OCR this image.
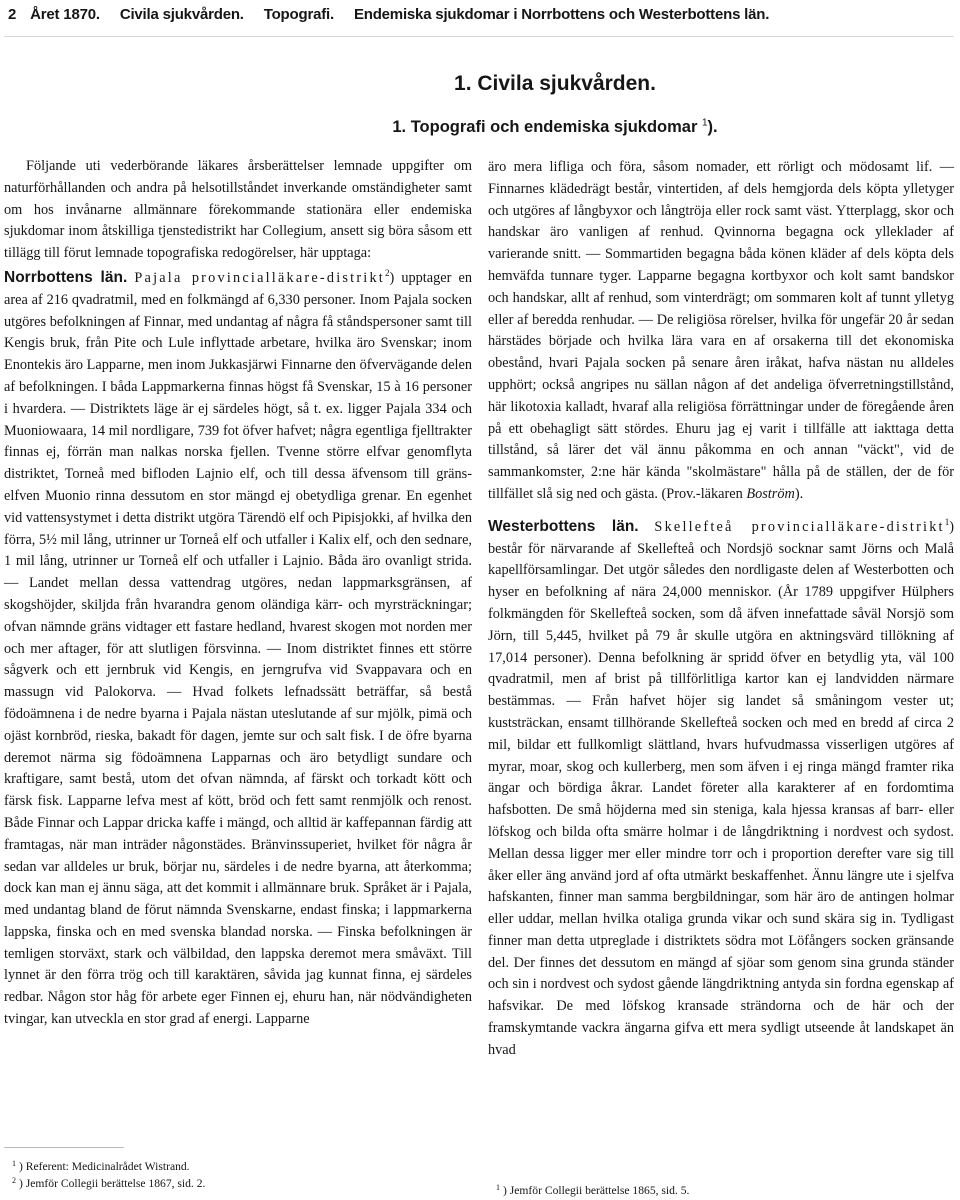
2 Året 1870. Civila sjukvården. Topografi. Endemiska sjukdomar i Norrbottens och Westerbottens län.
1. Civila sjukvården.
1. Topografi och endemiska sjukdomar $^1$).

Följande uti vederbörande läkares årsberättelser lemnade uppgifter om naturförhållanden och andra på helsotillståndet inverkande omständigheter samt om hos invånarne allmännare förekommande stationära eller endemiska sjukdomar inom åtskilliga tjenstedistrikt har Collegium, ansett sig böra såsom ett tillägg till förut lemnade topografiska redogörelser, här upptaga:

Norrbottens län. Pajala provincialläkare-distrikt$^2$) upptager en area af 216 qvadratmil, med en folkmängd af 6,330 personer. Inom Pajala socken utgöres befolkningen af Finnar, med undantag af några få ståndspersoner samt till Kengis bruk, från Pite och Lule inflyttade arbetare, hvilka äro Svenskar; inom Enontekis äro Lapparne, men inom Jukkasjärwi Finnarne den öfvervägande delen af befolkningen. I båda Lappmarkerna finnas högst få Svenskar, 15 à 16 personer i hvardera. — Distriktets läge är ej särdeles högt, så t. ex. ligger Pajala 334 och Muoniowaara, 14 mil nordligare, 739 fot öfver hafvet; några egentliga fjelltrakter finnas ej, förrän man nalkas norska fjellen. Tvenne större elfvar genomflyta distriktet, Torneå med bifloden Lajnio elf, och till dessa äfvensom till gräns-elfven Muonio rinna dessutom en stor mängd ej obetydliga grenar. En egenhet vid vattensystymet i detta distrikt utgöra Tärendö elf och Pipisjokki, af hvilka den förra, 5½ mil lång, utrinner ur Torneå elf och utfaller i Kalix elf, och den sednare, 1 mil lång, utrinner ur Torneå elf och utfaller i Lajnio. Båda äro ovanligt strida. — Landet mellan dessa vattendrag utgöres, nedan lappmarksgränsen, af skogshöjder, skiljda från hvarandra genom oländiga kärr- och myrsträckningar; ofvan nämnde gräns vidtager ett fastare hedland, hvarest skogen mot norden mer och mer aftager, för att slutligen försvinna. — Inom distriktet finnes ett större sågverk och ett jernbruk vid Kengis, en jerngrufva vid Svappavara och en massugn vid Palokorva. — Hvad folkets lefnadssätt beträffar, så bestå födoämnena i de nedre byarna i Pajala nästan uteslutande af sur mjölk, pimä och ojäst kornbröd, rieska, bakadt för dagen, jemte sur och salt fisk. I de öfre byarna deremot närma sig födoämnena Lapparnas och äro betydligt sundare och kraftigare, samt bestå, utom det ofvan nämnda, af färskt och torkadt kött och färsk fisk. Lapparne lefva mest af kött, bröd och fett samt renmjölk och renost. Både Finnar och Lappar dricka kaffe i mängd, och alltid är kaffepannan färdig att framtagas, när man inträder någonstädes. Bränvinssuperiet, hvilket för några år sedan var alldeles ur bruk, börjar nu, särdeles i de nedre byarna, att återkomma; dock kan man ej ännu säga, att det kommit i allmännare bruk. Språket är i Pajala, med undantag bland de förut nämnda Svenskarne, endast finska; i lappmarkerna lappska, finska och en med svenska blandad norska. — Finska befolkningen är temligen storväxt, stark och välbildad, den lappska deremot mera småväxt. Till lynnet är den förra trög och till karaktären, såvida jag kunnat finna, ej särdeles redbar. Någon stor håg för arbete eger Finnen ej, ehuru han, när nödvändigheten tvingar, kan utveckla en stor grad af energi. Lapparne

äro mera lifliga och föra, såsom nomader, ett rörligt och mödosamt lif. — Finnarnes klädedrägt består, vintertiden, af dels hemgjorda dels köpta ylletyger och utgöres af långbyxor och långtröja eller rock samt väst. Ytterplagg, skor och handskar äro vanligen af renhud. Qvinnorna begagna ock ylleklader af varierande snitt. — Sommartiden begagna båda könen kläder af dels köpta dels hemväfda tunnare tyger. Lapparne begagna kortbyxor och kolt samt bandskor och handskar, allt af renhud, som vinterdrägt; om sommaren kolt af tunnt ylletyg eller af beredda renhudar. — De religiösa rörelser, hvilka för ungefär 20 år sedan härstädes började och hvilka lära vara en af orsakerna till det ekonomiska obestånd, hvari Pajala socken på senare åren iråkat, hafva nästan nu alldeles upphört; också angripes nu sällan någon af det andeliga öfverretningstillstånd, här likotoxia kalladt, hvaraf alla religiösa förrättningar under de föregående åren på ett obehagligt sätt stördes. Ehuru jag ej varit i tillfälle att iakttaga detta tillstånd, så lärer det väl ännu påkomma en och annan "väckt", vid de sammankomster, 2:ne här kända "skolmästare" hålla på de ställen, der de för tillfället slå sig ned och gästa. (Prov.-läkaren Boström).

Westerbottens län. Skellefteå provincialläkare-distrikt$^1$) består för närvarande af Skellefteå och Nordsjö socknar samt Jörns och Malå kapellförsamlingar. Det utgör således den nordligaste delen af Westerbotten och hyser en befolkning af nära 24,000 menniskor. (År 1789 uppgifver Hülphers folkmängden för Skellefteå socken, som då äfven innefattade såväl Norsjö som Jörn, till 5,445, hvilket på 79 år skulle utgöra en aktningsvärd tillökning af 17,014 personer). Denna befolkning är spridd öfver en betydlig yta, väl 100 qvadratmil, men af brist på tillförlitliga kartor kan ej landvidden närmare bestämmas. — Från hafvet höjer sig landet så småningom vester ut; kuststräckan, ensamt tillhörande Skellefteå socken och med en bredd af circa 2 mil, bildar ett fullkomligt slättland, hvars hufvudmassa visserligen utgöres af myrar, moar, skog och kullerberg, men som äfven i ej ringa mängd framter rika ängar och bördiga åkrar. Landet företer alla karakterer af en fordomtima hafsbotten. De små höjderna med sin steniga, kala hjessa kransas af barr- eller löfskog och bilda ofta smärre holmar i de långdriktning i nordvest och sydost. Mellan dessa ligger mer eller mindre torr och i proportion derefter vare sig till åker eller äng använd jord af ofta utmärkt beskaffenhet. Ännu längre ute i sjelfva hafskanten, finner man samma bergbildningar, som här äro de antingen holmar eller uddar, mellan hvilka otaliga grunda vikar och sund skära sig in. Tydligast finner man detta utpreglade i distriktets södra mot Löfångers socken gränsande del. Der finnes det dessutom en mängd af sjöar som genom sina grunda ständer och sin i nordvest och sydost gående längdriktning antyda sin fordna egenskap af hafsvikar. De med löfskog kransade strändorna och de här och der framskymtande vackra ängarna gifva ett mera sydligt utseende åt landskapet än hvad

$^1$ ) Referent: Medicinalrådet Wistrand.
$^2$ ) Jemför Collegii berättelse 1867, sid. 2.	$^1$ ) Jemför Collegii berättelse 1865, sid. 5.
